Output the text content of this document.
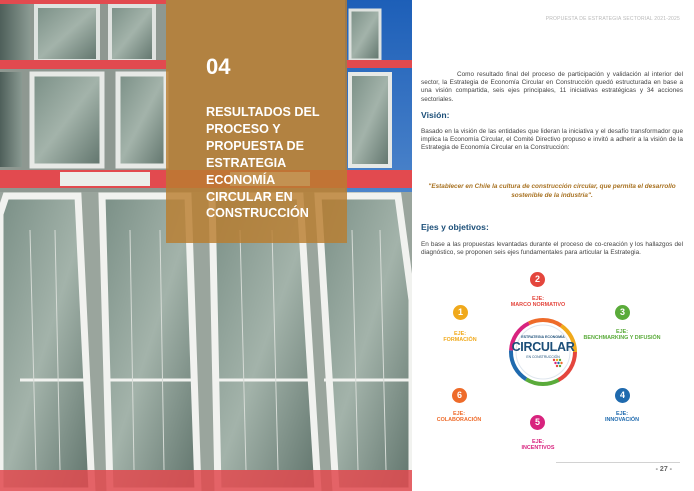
04
RESULTADOS DEL PROCESO Y PROPUESTA DE ESTRATEGIA ECONOMÍA CIRCULAR EN CONSTRUCCIÓN
PROPUESTA DE ESTRATEGIA SECTORIAL 2021-2025

Como resultado final del proceso de participación y validación al interior del sector, la Estrategia de Economía Circular en Construcción quedó estructurada en base a una visión compartida, seis ejes principales, 11 iniciativas estratégicas y 34 acciones sectoriales.

Visión:

Basado en la visión de las entidades que lideran la iniciativa y el desafío transformador que implica la Economía Circular, el Comité Directivo propuso e invitó a adherir a la visión de la Estrategia de Economía Circular en la Construcción:

"Establecer en Chile la cultura de construcción circular, que permita el desarrollo sostenible de la industria".

Ejes y objetivos:

En base a las propuestas levantadas durante el proceso de co-creación y los hallazgos del diagnóstico, se proponen seis ejes fundamentales para articular la Estrategia.

2
EJE:
MARCO NORMATIVO
1
EJE:
FORMACIÓN
3
EJE:
BENCHMARKING Y DIFUSIÓN
6
EJE:
COLABORACIÓN
4
EJE:
INNOVACIÓN
5
EJE:
INCENTIVOS
ESTRATEGIA ECONOMÍA
CIRCULAR
EN CONSTRUCCIÓN
- 27 -
